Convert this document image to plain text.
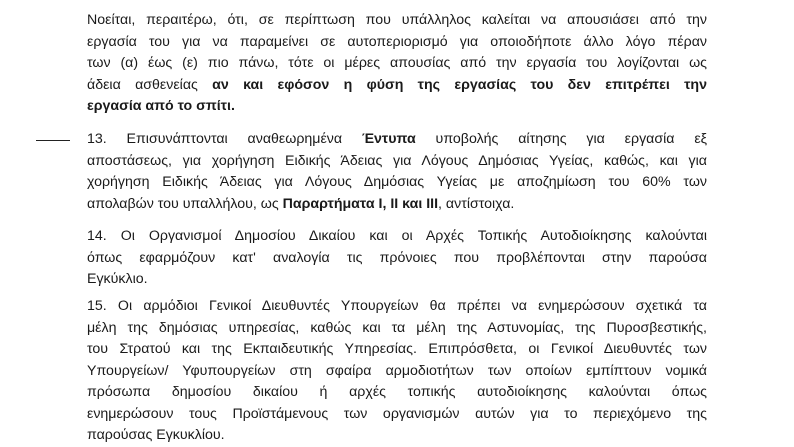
Νοείται, περαιτέρω, ότι, σε περίπτωση που υπάλληλος καλείται να απουσιάσει από την
εργασία του για να παραμείνει σε αυτοπεριορισμό για οποιοδήποτε άλλο λόγο πέραν
των (α) έως (ε) πιο πάνω, τότε οι μέρες απουσίας από την εργασία του λογίζονται ως
άδεια ασθενείας αν και εφόσον η φύση της εργασίας του δεν επιτρέπει την
εργασία από το σπίτι.
13. Επισυνάπτονται αναθεωρημένα Έντυπα υποβολής αίτησης για εργασία εξ
αποστάσεως, για χορήγηση Ειδικής Άδειας για Λόγους Δημόσιας Υγείας, καθώς, και για
χορήγηση Ειδικής Άδειας για Λόγους Δημόσιας Υγείας με αποζημίωση του 60% των
απολαβών του υπαλλήλου, ως Παραρτήματα I, II και III, αντίστοιχα.
14. Οι Οργανισμοί Δημοσίου Δικαίου και οι Αρχές Τοπικής Αυτοδιοίκησης καλούνται
όπως εφαρμόζουν κατ' αναλογία τις πρόνοιες που προβλέπονται στην παρούσα
Εγκύκλιο.
15. Οι αρμόδιοι Γενικοί Διευθυντές Υπουργείων θα πρέπει να ενημερώσουν σχετικά τα
μέλη της δημόσιας υπηρεσίας, καθώς και τα μέλη της Αστυνομίας, της Πυροσβεστικής,
του Στρατού και της Εκπαιδευτικής Υπηρεσίας. Επιπρόσθετα, οι Γενικοί Διευθυντές των
Υπουργείων/ Υφυπουργείων στη σφαίρα αρμοδιοτήτων των οποίων εμπίπτουν νομικά
πρόσωπα δημοσίου δικαίου ή αρχές τοπικής αυτοδιοίκησης καλούνται όπως
ενημερώσουν τους Προϊστάμενους των οργανισμών αυτών για το περιεχόμενο της
παρούσας Εγκυκλίου.
